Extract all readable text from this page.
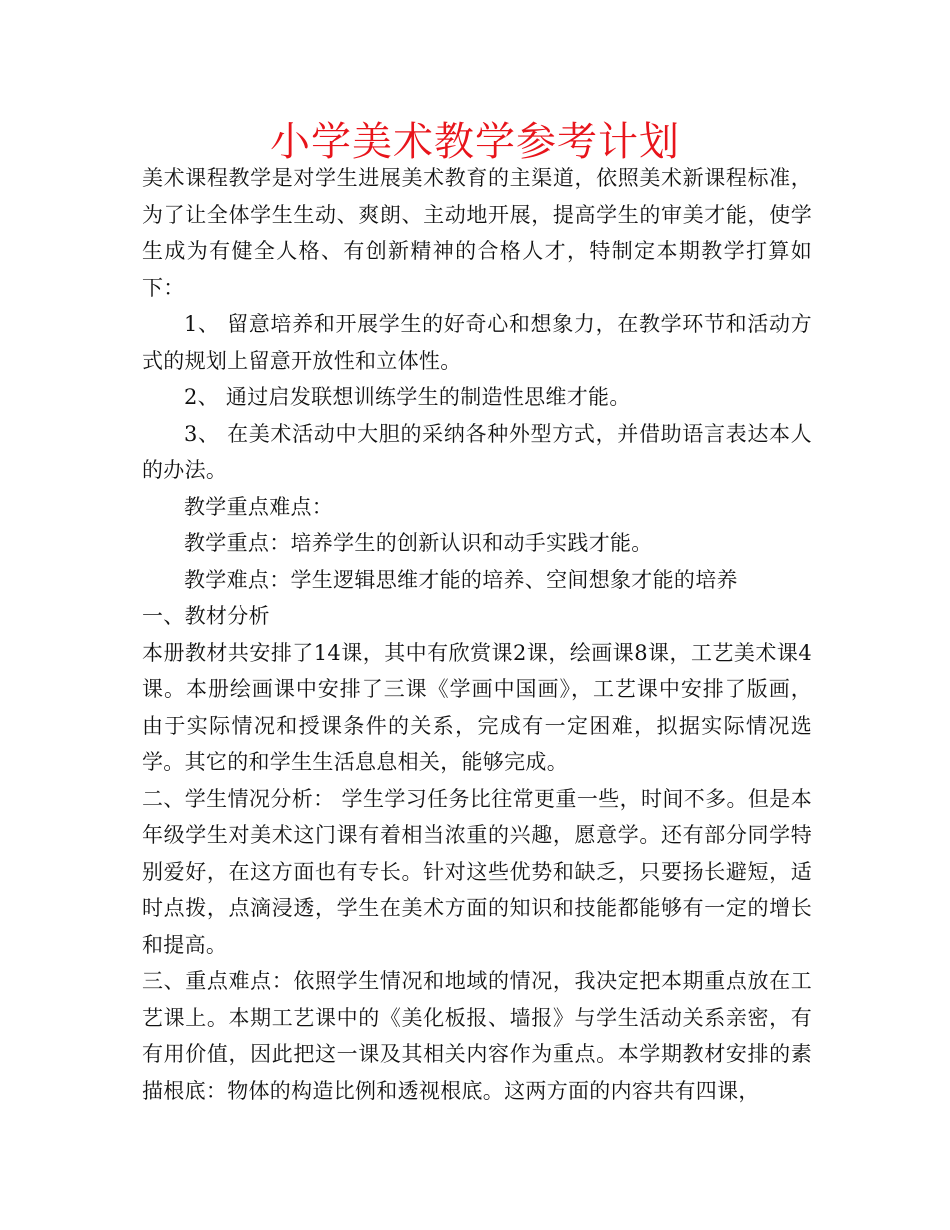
小学美术教学参考计划

美术课程教学是对学生进展美术教育的主渠道，依照美术新课程标准，为了让全体学生生动、爽朗、主动地开展，提高学生的审美才能，使学生成为有健全人格、有创新精神的合格人才，特制定本期教学打算如下：

1、 留意培养和开展学生的好奇心和想象力，在教学环节和活动方式的规划上留意开放性和立体性。

2、 通过启发联想训练学生的制造性思维才能。

3、 在美术活动中大胆的采纳各种外型方式，并借助语言表达本人的办法。

教学重点难点：

教学重点：培养学生的创新认识和动手实践才能。

教学难点：学生逻辑思维才能的培养、空间想象才能的培养

一、教材分析

本册教材共安排了14课，其中有欣赏课2课，绘画课8课，工艺美术课4课。本册绘画课中安排了三课《学画中国画》，工艺课中安排了版画，由于实际情况和授课条件的关系，完成有一定困难，拟据实际情况选学。其它的和学生生活息息相关，能够完成。

二、学生情况分析： 学生学习任务比往常更重一些，时间不多。但是本年级学生对美术这门课有着相当浓重的兴趣，愿意学。还有部分同学特别爱好，在这方面也有专长。针对这些优势和缺乏，只要扬长避短，适时点拨，点滴浸透，学生在美术方面的知识和技能都能够有一定的增长和提高。

三、重点难点：依照学生情况和地域的情况，我决定把本期重点放在工艺课上。本期工艺课中的《美化板报、墙报》与学生活动关系亲密，有有用价值，因此把这一课及其相关内容作为重点。本学期教材安排的素描根底：物体的构造比例和透视根底。这两方面的内容共有四课，
